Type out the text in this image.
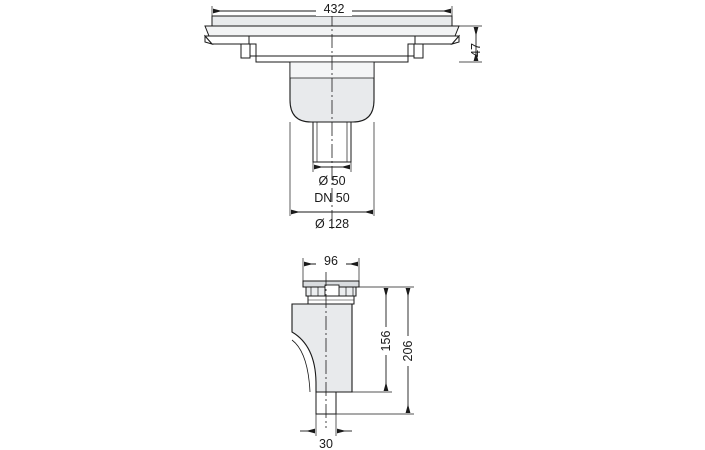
432
47
Ø 50
DN 50
Ø 128
96
156 206
30
